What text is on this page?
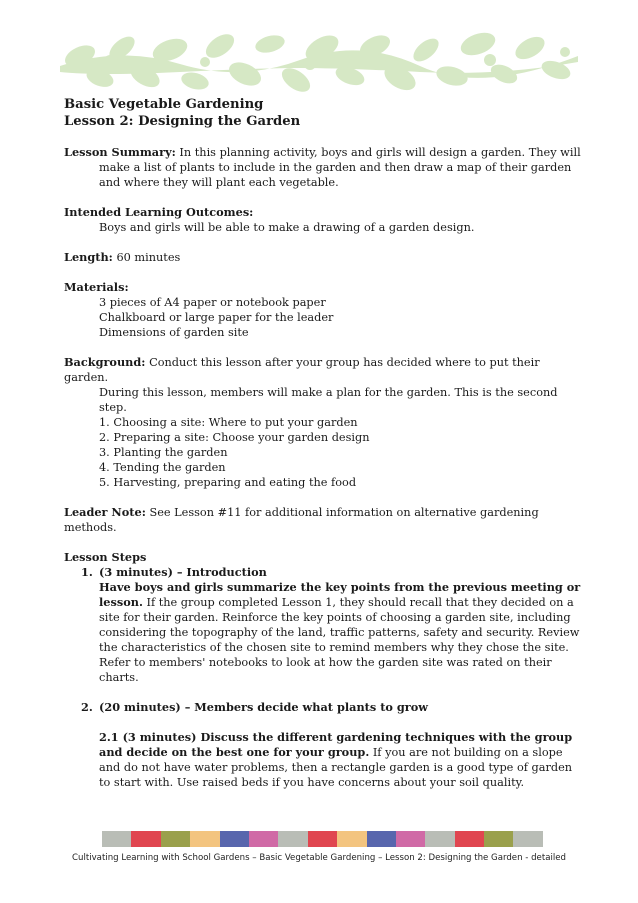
Basic Vegetable Gardening
Lesson 2: Designing the Garden
Lesson Summary: In this planning activity, boys and girls will design a garden. They will make a list of plants to include in the garden and then draw a map of their garden and where they will plant each vegetable.
Intended Learning Outcomes:
Boys and girls will be able to make a drawing of a garden design.
Length: 60 minutes
Materials:
3 pieces of A4 paper or notebook paper
Chalkboard or large paper for the leader
Dimensions of garden site
Background: Conduct this lesson after your group has decided where to put their garden.
During this lesson, members will make a plan for the garden. This is the second step.
1. Choosing a site: Where to put your garden
2. Preparing a site: Choose your garden design
3. Planting the garden
4. Tending the garden
5. Harvesting, preparing and eating the food
Leader Note: See Lesson #11 for additional information on alternative gardening methods.
Lesson Steps
1. (3 minutes) – Introduction
Have boys and girls summarize the key points from the previous meeting or lesson. If the group completed Lesson 1, they should recall that they decided on a site for their garden. Reinforce the key points of choosing a garden site, including considering the topography of the land, traffic patterns, safety and security. Review the characteristics of the chosen site to remind members why they chose the site. Refer to members' notebooks to look at how the garden site was rated on their charts.
2. (20 minutes) – Members decide what plants to grow
2.1 (3 minutes) Discuss the different gardening techniques with the group and decide on the best one for your group. If you are not building on a slope and do not have water problems, then a rectangle garden is a good type of garden to start with. Use raised beds if you have concerns about your soil quality.
Cultivating Learning with School Gardens – Basic Vegetable Gardening – Lesson 2: Designing the Garden - detailed
